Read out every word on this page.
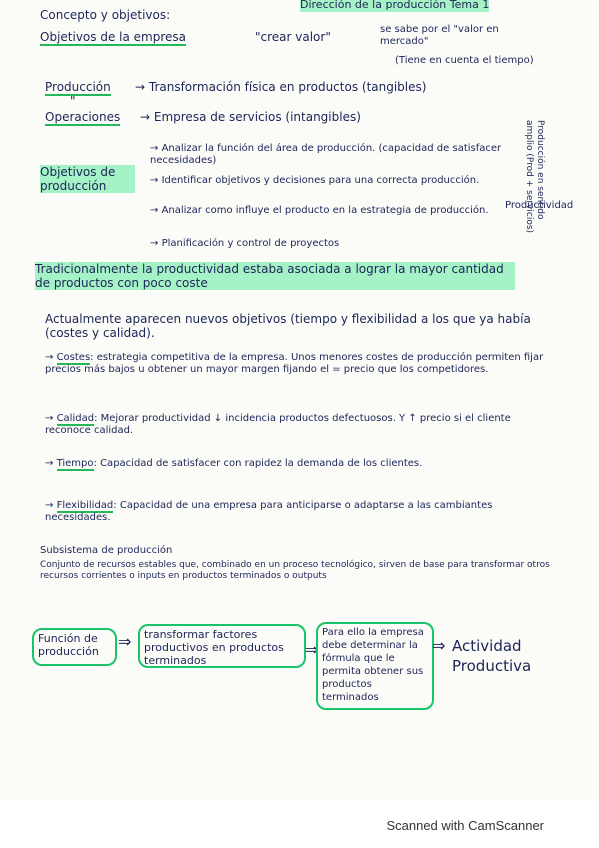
Concepto y objetivos:
Dirección de la producción Tema 1
Objetivos de la empresa	"crear valor"
se sabe por el "valor en mercado"
(Tiene en cuenta el tiempo)
Producción → Transformación física en productos (tangibles)
"
Operaciones → Empresa de servicios (intangibles)
Producción en sentido amplio (Prod + servicios)
Objetivos de producción
→ Analizar la función del área de producción. (capacidad de satisfacer necesidades)
→ Identificar objetivos y decisiones para una correcta producción.
→ Analizar como influye el producto en la estrategia de producción.
→ Planificación y control de proyectos
Productividad
Tradicionalmente la productividad estaba asociada a lograr la mayor cantidad de productos con poco coste
Actualmente aparecen nuevos objetivos (tiempo y flexibilidad a los que ya había (costes y calidad).
→ Costes: estrategia competitiva de la empresa. Unos menores costes de producción permiten fijar precios más bajos u obtener un mayor margen fijando el = precio que los competidores.
→ Calidad: Mejorar productividad ↓ incidencia productos defectuosos. Y ↑ precio si el cliente reconoce calidad.
→ Tiempo: Capacidad de satisfacer con rapidez la demanda de los clientes.
→ Flexibilidad: Capacidad de una empresa para anticiparse o adaptarse a las cambiantes necesidades.
Subsistema de producción
Conjunto de recursos estables que, combinado en un proceso tecnológico, sirven de base para transformar otros recursos corrientes o inputs en productos terminados o outputs
Función de producción
⇒	transformar factores productivos en productos terminados
⇒
Para ello la empresa debe determinar la fórmula que le permita obtener sus productos terminados
⇒ Actividad Productiva
Scanned with CamScanner
